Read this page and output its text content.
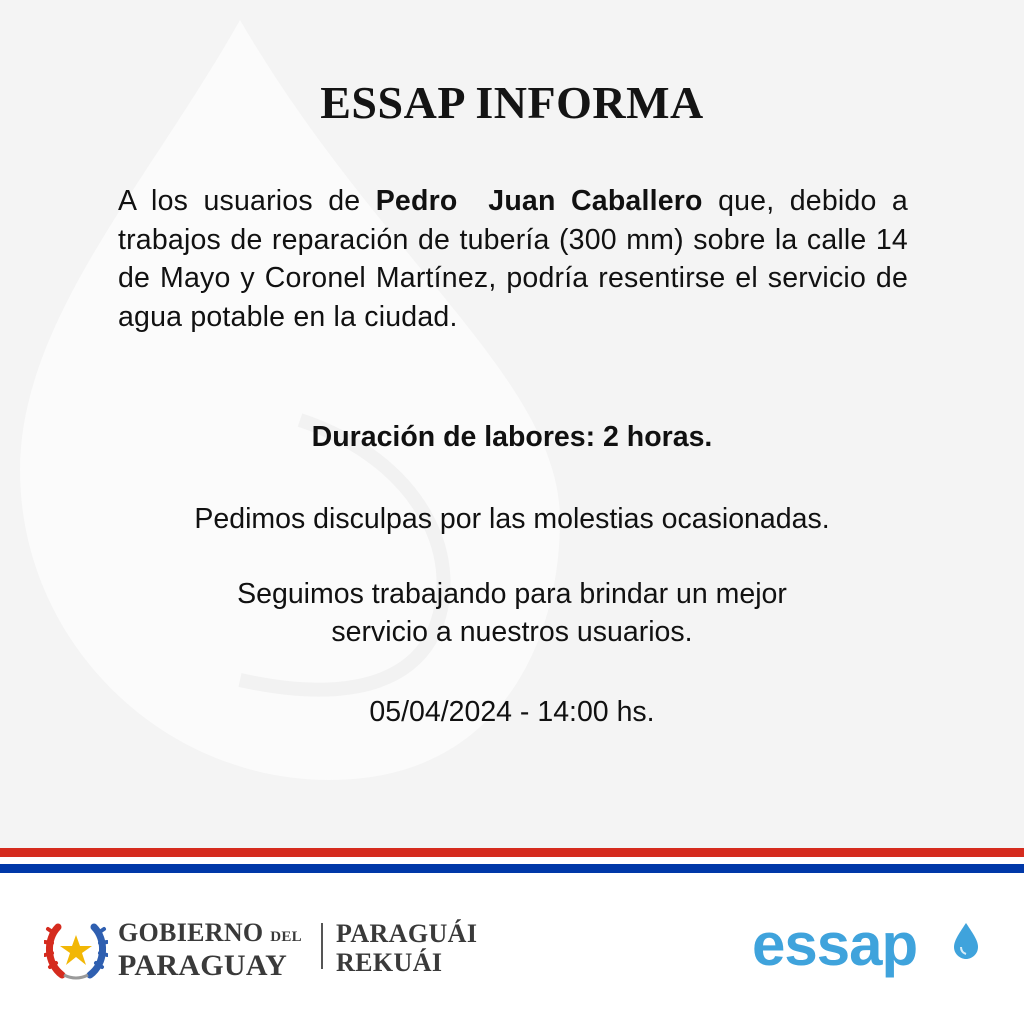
ESSAP INFORMA

A los usuarios de Pedro  Juan Caballero que, debido a trabajos de reparación de tubería (300 mm) sobre la calle 14 de Mayo y Coronel Martínez, podría resentirse el servicio de agua potable en la ciudad.

Duración de labores: 2 horas.
Pedimos disculpas por las molestias ocasionadas.
Seguimos trabajando para brindar un mejor
servicio a nuestros usuarios.
05/04/2024 - 14:00 hs.
GOBIERNO DEL
PARAGUAY
PARAGUÁI
REKUÁI	essap
